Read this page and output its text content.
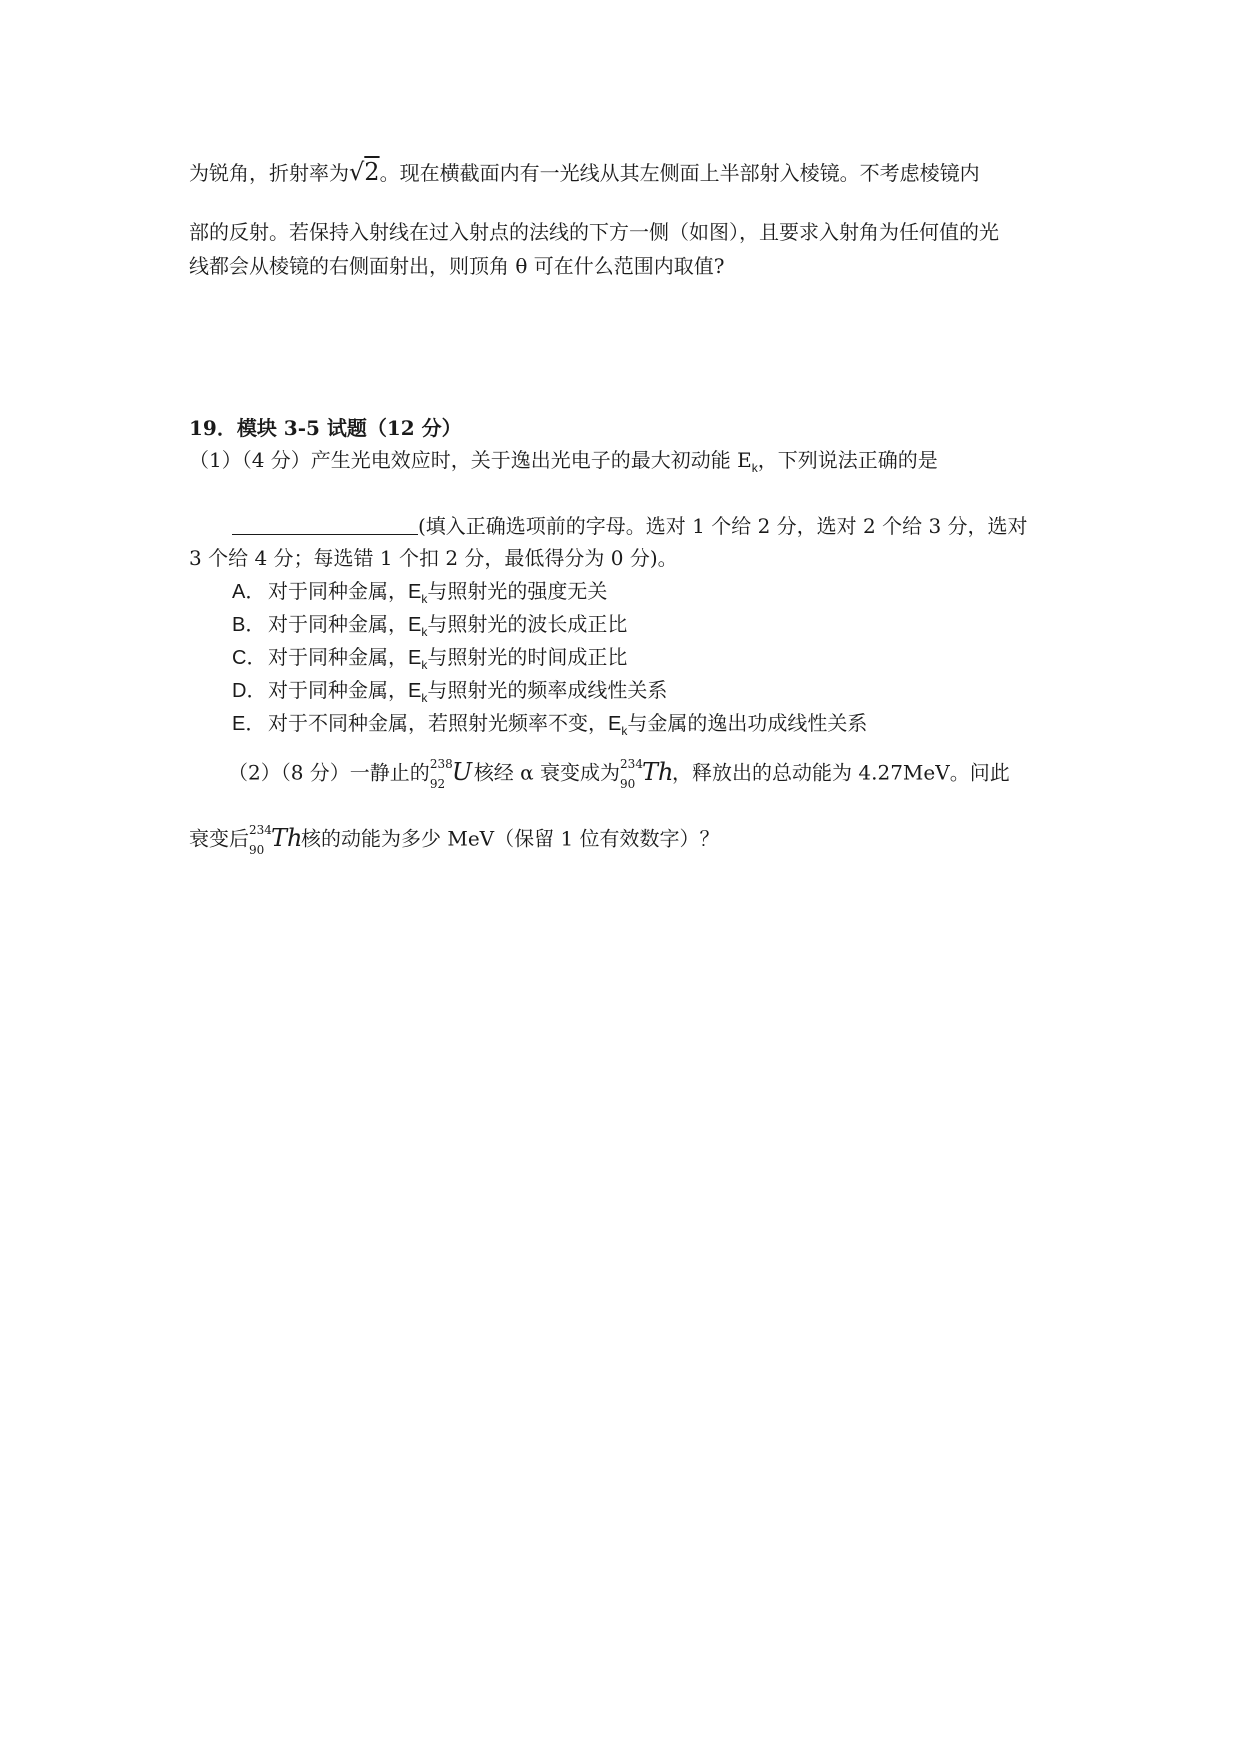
为锐角，折射率为√2。现在横截面内有一光线从其左侧面上半部射入棱镜。不考虑棱镜内
部的反射。若保持入射线在过入射点的法线的下方一侧（如图），且要求入射角为任何值的光
线都会从棱镜的右侧面射出，则顶角 θ 可在什么范围内取值?
19．模块 3-5 试题（12 分）
（1）（4 分）产生光电效应时，关于逸出光电子的最大初动能 $E_k$，下列说法正确的是
(填入正确选项前的字母。选对 1 个给 2 分，选对 2 个给 3 分，选对
3 个给 4 分；每选错 1 个扣 2 分，最低得分为 0 分)。
A． 对于同种金属，$E_k$与照射光的强度无关
B． 对于同种金属，$E_k$与照射光的波长成正比
C．对于同种金属，$E_k$与照射光的时间成正比
D．对于同种金属，$E_k$与照射光的频率成线性关系
E． 对于不同种金属，若照射光频率不变，$E_k$与金属的逸出功成线性关系
（2）（8 分）一静止的 238
92 U 核经 α 衰变成为 234
90 Th
，释放出的总动能为 4.27MeV。问此
衰变后 234
90 Th
核的动能为多少 MeV（保留 1 位有效数字）？
